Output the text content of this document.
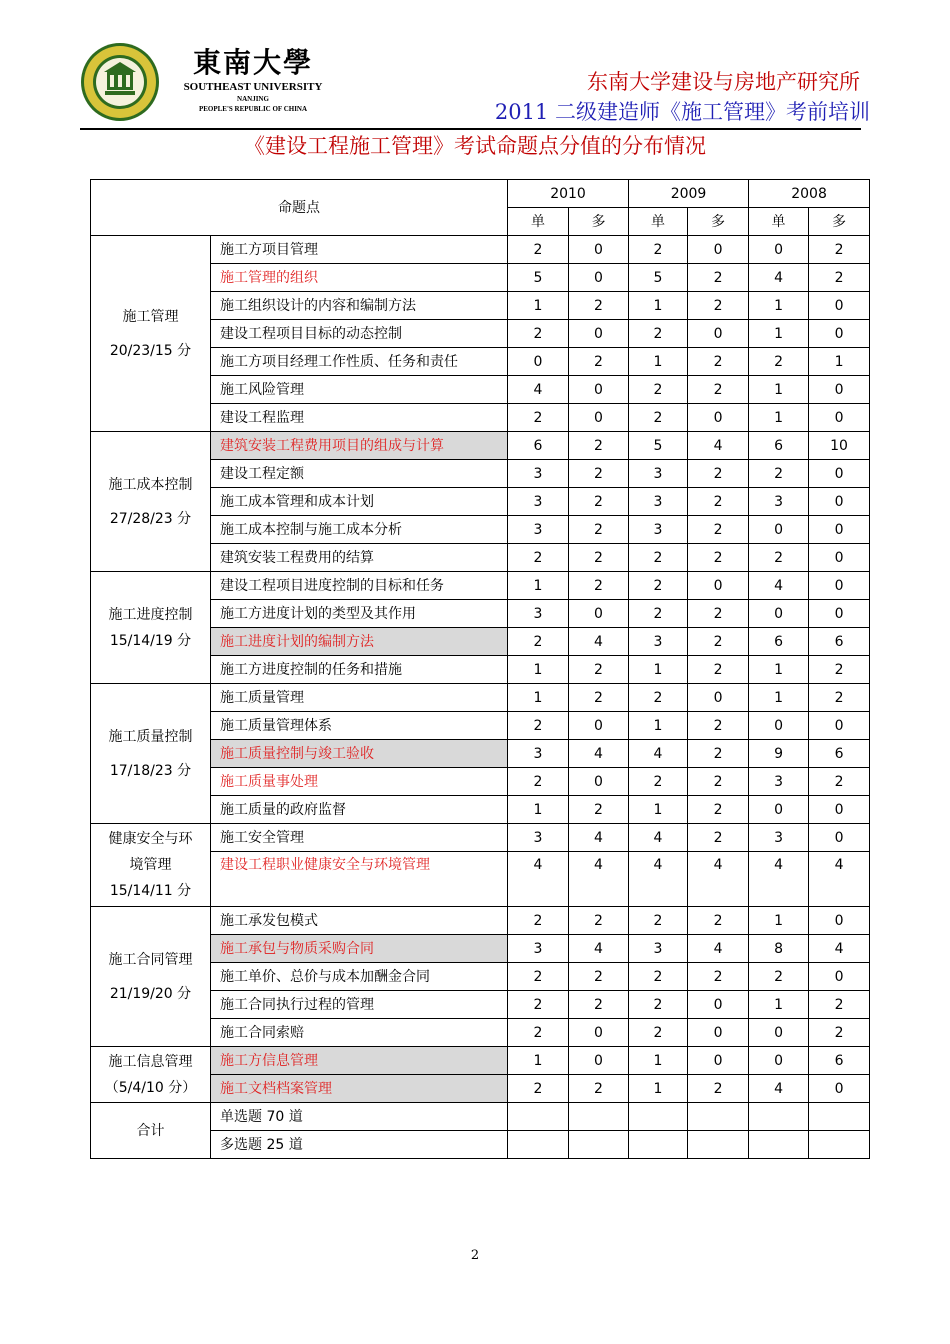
東南大學
SOUTHEAST UNIVERSITY
NANJING
PEOPLE'S REPUBLIC OF CHINA
东南大学建设与房地产研究所
2011 二级建造师《施工管理》考前培训
《建设工程施工管理》考试命题点分值的分布情况
命题点		2010		2009		2008	
		单	多	单	多	单	多
施工管理
20/23/15 分	施工方项目管理	2	0	2	0	0	2
	施工管理的组织	5	0	5	2	4	2
	施工组织设计的内容和编制方法	1	2	1	2	1	0
	建设工程项目目标的动态控制	2	0	2	0	1	0
	施工方项目经理工作性质、任务和责任	0	2	1	2	2	1
	施工风险管理	4	0	2	2	1	0
	建设工程监理	2	0	2	0	1	0
施工成本控制
27/28/23 分	建筑安装工程费用项目的组成与计算	6	2	5	4	6	10
	建设工程定额	3	2	3	2	2	0
	施工成本管理和成本计划	3	2	3	2	3	0
	施工成本控制与施工成本分析	3	2	3	2	0	0
	建筑安装工程费用的结算	2	2	2	2	2	0
施工进度控制
15/14/19 分	建设工程项目进度控制的目标和任务	1	2	2	0	4	0
	施工方进度计划的类型及其作用	3	0	2	2	0	0
	施工进度计划的编制方法	2	4	3	2	6	6
	施工方进度控制的任务和措施	1	2	1	2	1	2
施工质量控制
17/18/23 分	施工质量管理	1	2	2	0	1	2
	施工质量管理体系	2	0	1	2	0	0
	施工质量控制与竣工验收	3	4	4	2	9	6
	施工质量事处理	2	0	2	2	3	2
	施工质量的政府监督	1	2	1	2	0	0
健康安全与环
境管理
15/14/11 分	施工安全管理	3	4	4	2	3	0
	建设工程职业健康安全与环境管理	4	4	4	4	4	4
施工合同管理
21/19/20 分	施工承发包模式	2	2	2	2	1	0
	施工承包与物质采购合同	3	4	3	4	8	4
	施工单价、总价与成本加酬金合同	2	2	2	2	2	0
	施工合同执行过程的管理	2	2	2	0	1	2
	施工合同索赔	2	0	2	0	0	2
施工信息管理
（5/4/10 分）	施工方信息管理	1	0	1	0	0	6
	施工文档档案管理	2	2	1	2	4	0
合计	单选题 70 道						
	多选题 25 道						
2
